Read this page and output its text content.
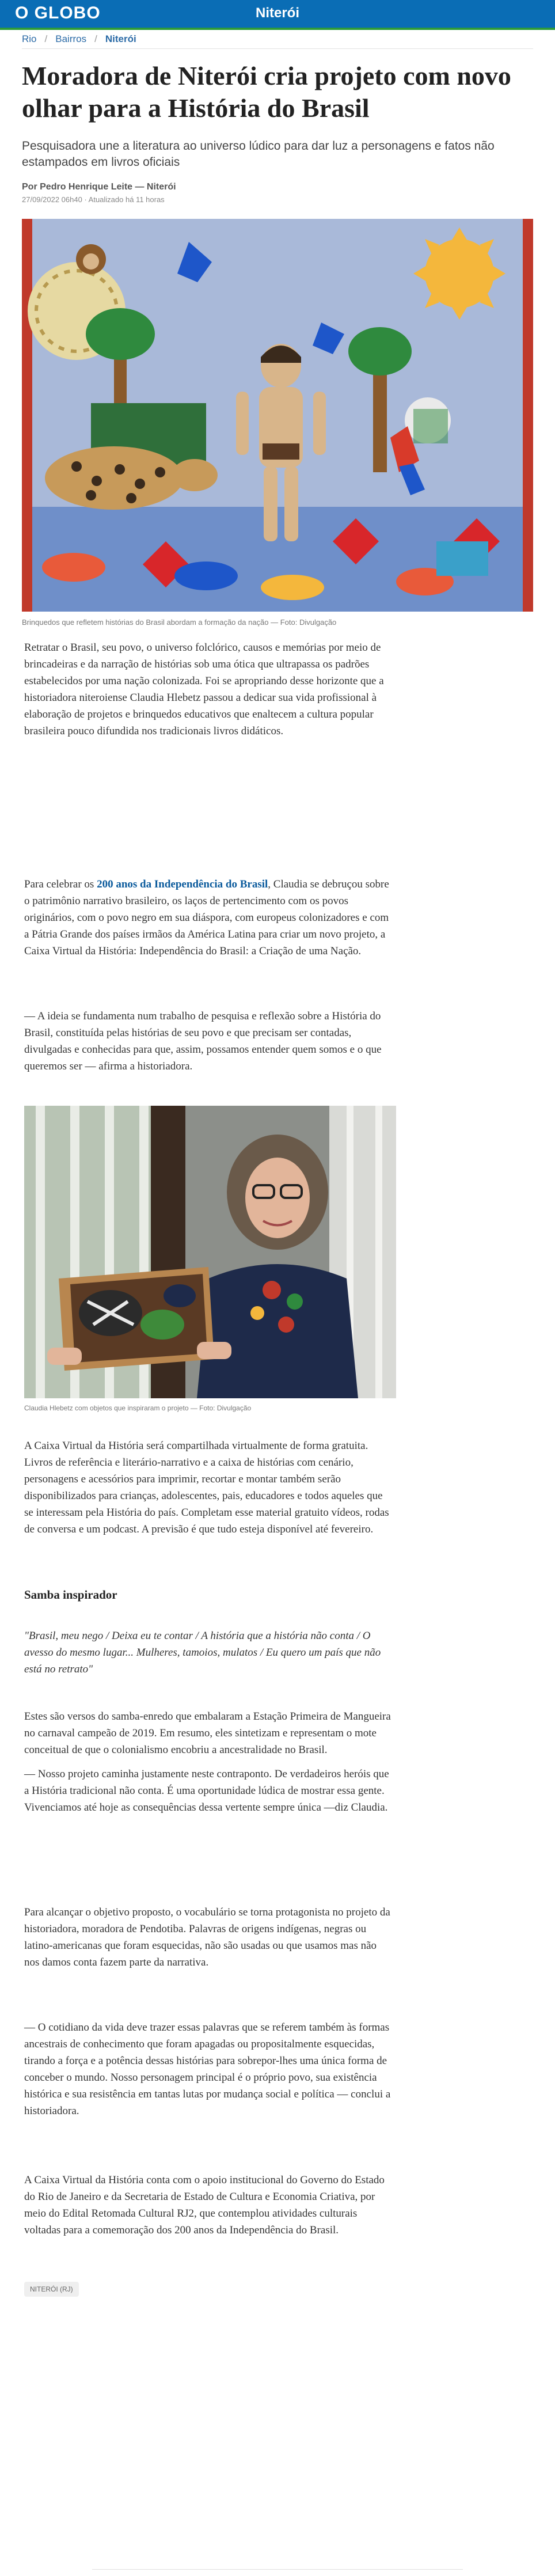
O GLOBO	Niterói
Rio / Bairros / Niterói
Moradora de Niterói cria projeto com novo olhar para a História do Brasil

Pesquisadora une a literatura ao universo lúdico para dar luz a personagens e fatos não estampados em livros oficiais

Por Pedro Henrique Leite — Niterói
27/09/2022 06h40 · Atualizado há 11 horas
Brinquedos que refletem histórias do Brasil abordam a formação da nação — Foto: Divulgação

Retratar o Brasil, seu povo, o universo folclórico, causos e memórias por meio de brincadeiras e da narração de histórias sob uma ótica que ultrapassa os padrões estabelecidos por uma nação colonizada. Foi se apropriando desse horizonte que a historiadora niteroiense Claudia Hlebetz passou a dedicar sua vida profissional à elaboração de projetos e brinquedos educativos que enaltecem a cultura popular brasileira pouco difundida nos tradicionais livros didáticos.

Para celebrar os 200 anos da Independência do Brasil, Claudia se debruçou sobre o patrimônio narrativo brasileiro, os laços de pertencimento com os povos originários, com o povo negro em sua diáspora, com europeus colonizadores e com a Pátria Grande dos países irmãos da América Latina para criar um novo projeto, a Caixa Virtual da História: Independência do Brasil: a Criação de uma Nação.

— A ideia se fundamenta num trabalho de pesquisa e reflexão sobre a História do Brasil, constituída pelas histórias de seu povo e que precisam ser contadas, divulgadas e conhecidas para que, assim, possamos entender quem somos e o que queremos ser — afirma a historiadora.

Claudia Hlebetz com objetos que inspiraram o projeto — Foto: Divulgação

A Caixa Virtual da História será compartilhada virtualmente de forma gratuita. Livros de referência e literário-narrativo e a caixa de histórias com cenário, personagens e acessórios para imprimir, recortar e montar também serão disponibilizados para crianças, adolescentes, pais, educadores e todos aqueles que se interessam pela História do país. Completam esse material gratuito vídeos, rodas de conversa e um podcast. A previsão é que tudo esteja disponível até fevereiro.

Samba inspirador

"Brasil, meu nego / Deixa eu te contar / A história que a história não conta / O avesso do mesmo lugar... Mulheres, tamoios, mulatos / Eu quero um país que não está no retrato"

Estes são versos do samba-enredo que embalaram a Estação Primeira de Mangueira no carnaval campeão de 2019. Em resumo, eles sintetizam e representam o mote conceitual de que o colonialismo encobriu a ancestralidade no Brasil.

— Nosso projeto caminha justamente neste contraponto. De verdadeiros heróis que a História tradicional não conta. É uma oportunidade lúdica de mostrar essa gente. Vivenciamos até hoje as consequências dessa vertente sempre única —diz Claudia.

Para alcançar o objetivo proposto, o vocabulário se torna protagonista no projeto da historiadora, moradora de Pendotiba. Palavras de origens indígenas, negras ou latino-americanas que foram esquecidas, não são usadas ou que usamos mas não nos damos conta fazem parte da narrativa.

— O cotidiano da vida deve trazer essas palavras que se referem também às formas ancestrais de conhecimento que foram apagadas ou propositalmente esquecidas, tirando a força e a potência dessas histórias para sobrepor-lhes uma única forma de conceber o mundo. Nosso personagem principal é o próprio povo, sua existência histórica e sua resistência em tantas lutas por mudança social e política — conclui a historiadora.

A Caixa Virtual da História conta com o apoio institucional do Governo do Estado do Rio de Janeiro e da Secretaria de Estado de Cultura e Economia Criativa, por meio do Edital Retomada Cultural RJ2, que contemplou atividades culturais voltadas para a comemoração dos 200 anos da Independência do Brasil.

NITERÓI (RJ)
